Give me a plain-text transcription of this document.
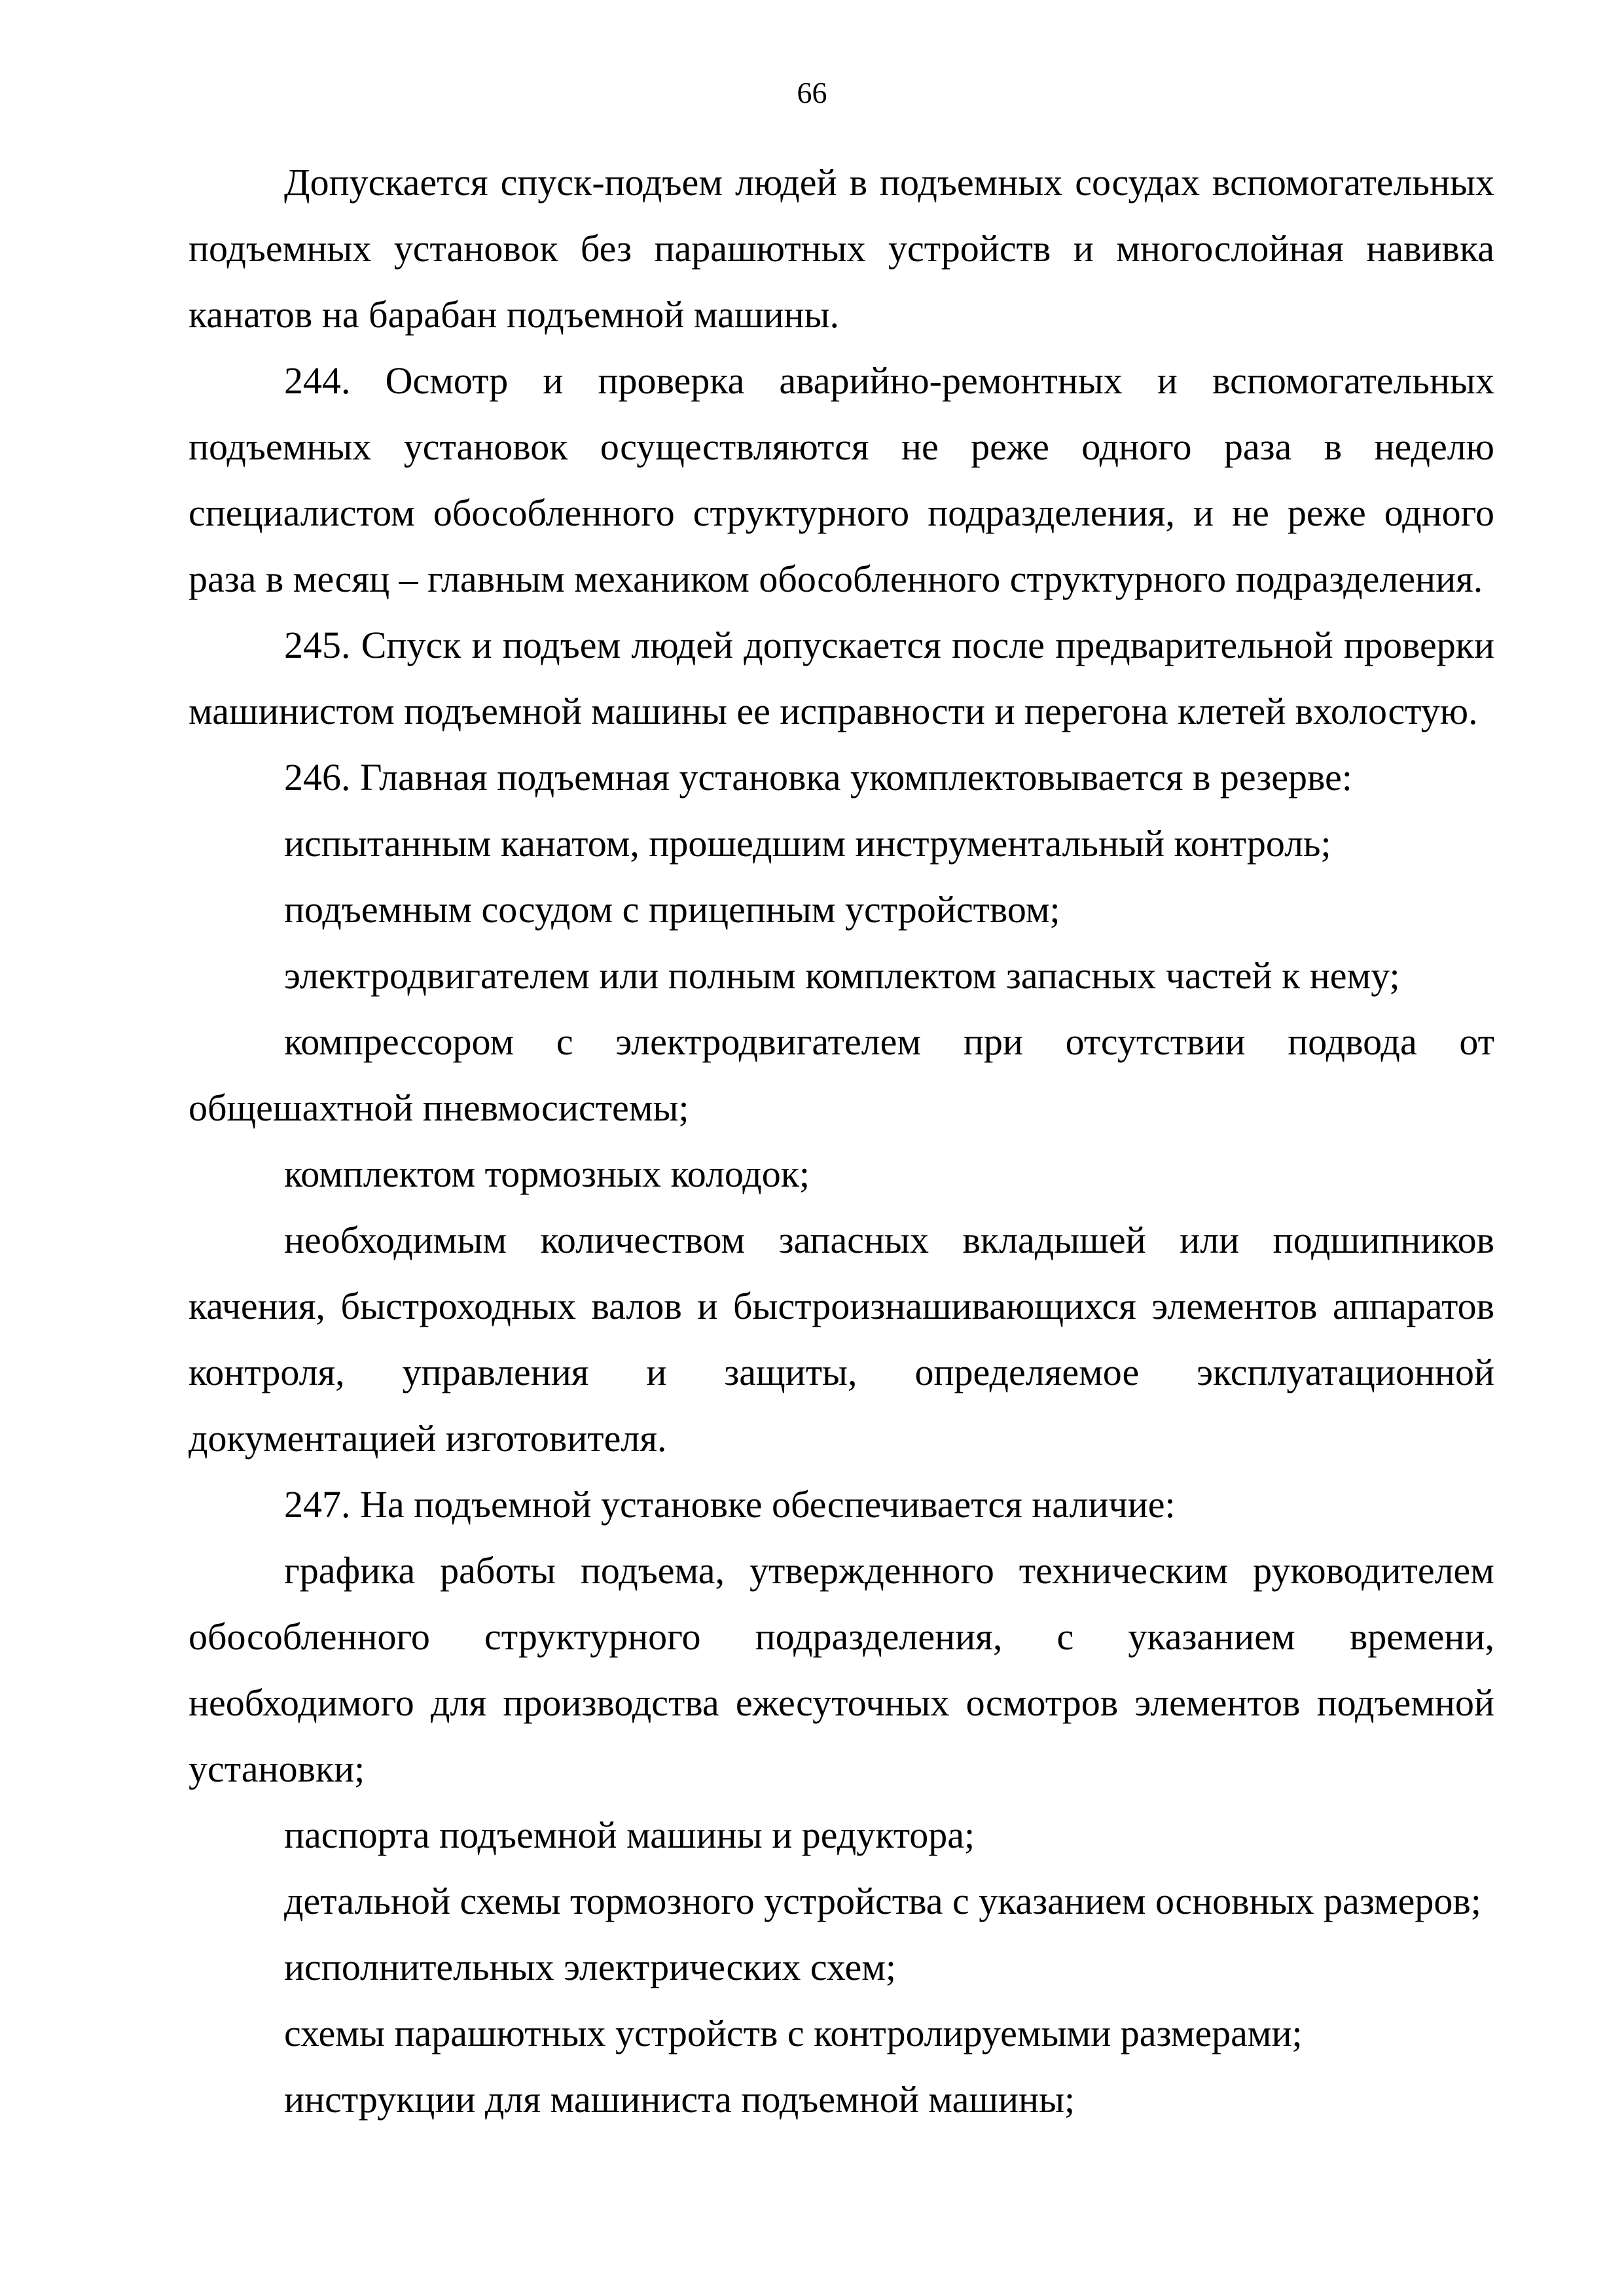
66

Допускается спуск-подъем людей в подъемных сосудах вспомогательных подъемных установок без парашютных устройств и многослойная навивка канатов на барабан подъемной машины.

244. Осмотр и проверка аварийно-ремонтных и вспомогательных подъемных установок осуществляются не реже одного раза в неделю специалистом обособленного структурного подразделения, и не реже одного раза в месяц – главным механиком обособленного структурного подразделения.

245. Спуск и подъем людей допускается после предварительной проверки машинистом подъемной машины ее исправности и перегона клетей вхолостую.

246. Главная подъемная установка укомплектовывается в резерве:

испытанным канатом, прошедшим инструментальный контроль;

подъемным сосудом с прицепным устройством;

электродвигателем или полным комплектом запасных частей к нему;

компрессором с электродвигателем при отсутствии подвода от общешахтной пневмосистемы;

комплектом тормозных колодок;

необходимым количеством запасных вкладышей или подшипников качения, быстроходных валов и быстроизнашивающихся элементов аппаратов контроля, управления и защиты, определяемое эксплуатационной документацией изготовителя.

247. На подъемной установке обеспечивается наличие:

графика работы подъема, утвержденного техническим руководителем обособленного структурного подразделения, с указанием времени, необходимого для производства ежесуточных осмотров элементов подъемной установки;

паспорта подъемной машины и редуктора;

детальной схемы тормозного устройства с указанием основных размеров;

исполнительных электрических схем;

схемы парашютных устройств с контролируемыми размерами;

инструкции для машиниста подъемной машины;
